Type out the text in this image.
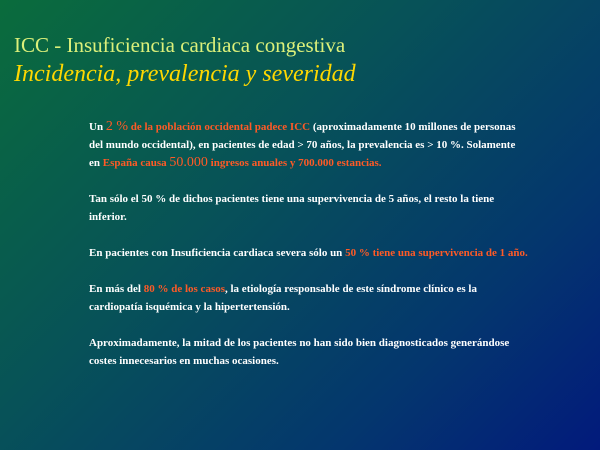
ICC - Insuficiencia cardiaca congestiva
Incidencia, prevalencia y severidad

Un 2 % de la población occidental padece ICC (aproximadamente 10 millones de personas del mundo occidental), en pacientes de edad > 70 años, la prevalencia es > 10 %. Solamente en España causa 50.000 ingresos anuales y 700.000 estancias.

Tan sólo el 50 % de dichos pacientes tiene una supervivencia de 5 años, el resto la tiene inferior.

En pacientes con Insuficiencia cardiaca severa sólo un 50 % tiene una supervivencia de 1 año.

En más del 80 % de los casos, la etiología responsable de este síndrome clínico es la cardiopatía isquémica y la hipertertensión.

Aproximadamente, la mitad de los pacientes no han sido bien diagnosticados generándose costes innecesarios en muchas ocasiones.
